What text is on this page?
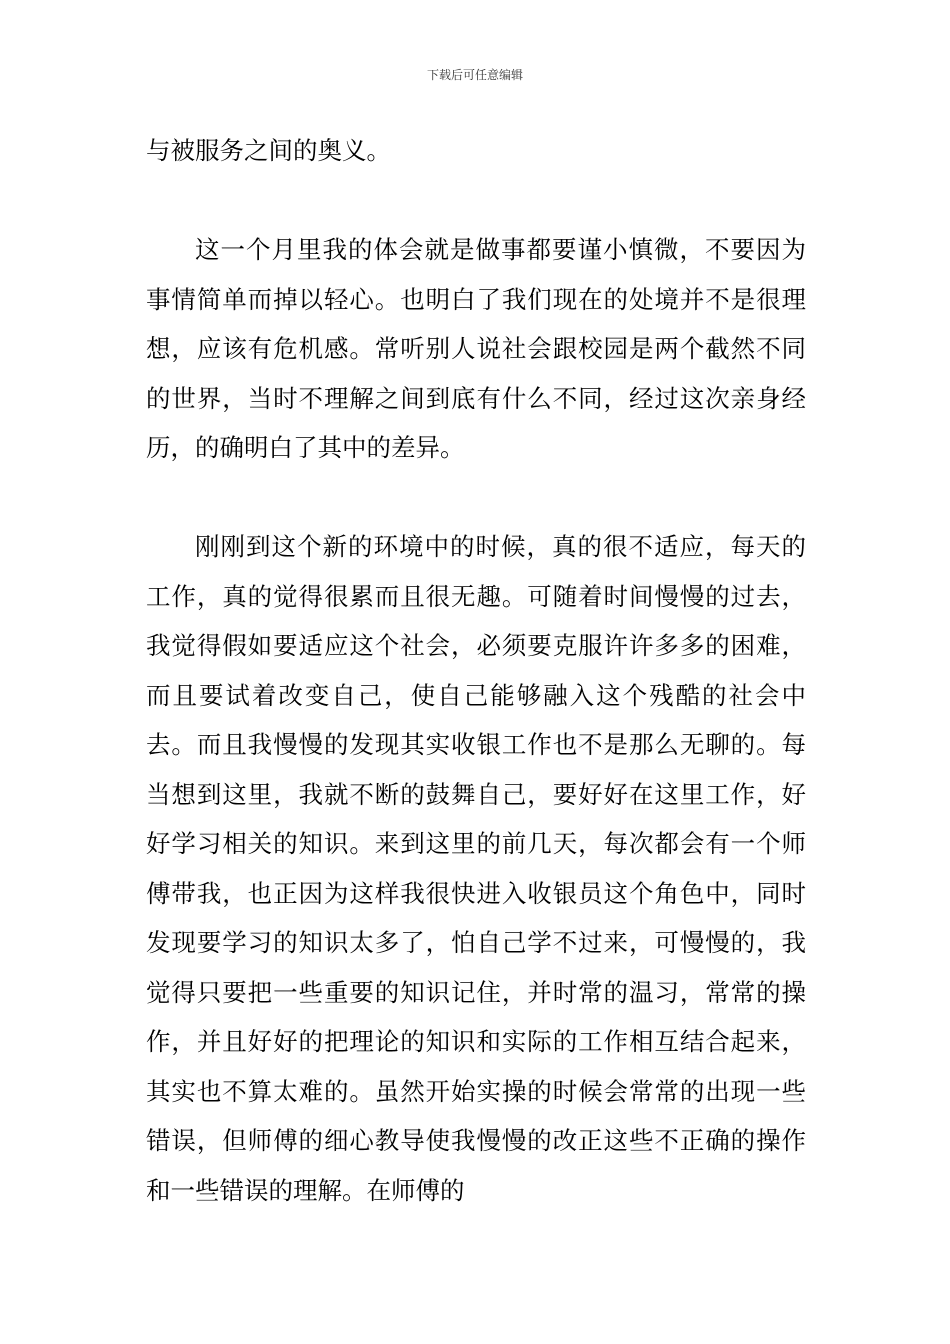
下载后可任意编辑

与被服务之间的奥义。

这一个月里我的体会就是做事都要谨小慎微，不要因为事情简单而掉以轻心。也明白了我们现在的处境并不是很理想，应该有危机感。常听别人说社会跟校园是两个截然不同的世界，当时不理解之间到底有什么不同，经过这次亲身经历，的确明白了其中的差异。

刚刚到这个新的环境中的时候，真的很不适应，每天的工作，真的觉得很累而且很无趣。可随着时间慢慢的过去，我觉得假如要适应这个社会，必须要克服许许多多的困难，而且要试着改变自己，使自己能够融入这个残酷的社会中去。而且我慢慢的发现其实收银工作也不是那么无聊的。每当想到这里，我就不断的鼓舞自己，要好好在这里工作，好好学习相关的知识。来到这里的前几天，每次都会有一个师傅带我，也正因为这样我很快进入收银员这个角色中，同时发现要学习的知识太多了，怕自己学不过来，可慢慢的，我觉得只要把一些重要的知识记住，并时常的温习，常常的操作，并且好好的把理论的知识和实际的工作相互结合起来，其实也不算太难的。虽然开始实操的时候会常常的出现一些错误，但师傅的细心教导使我慢慢的改正这些不正确的操作和一些错误的理解。在师傅的
